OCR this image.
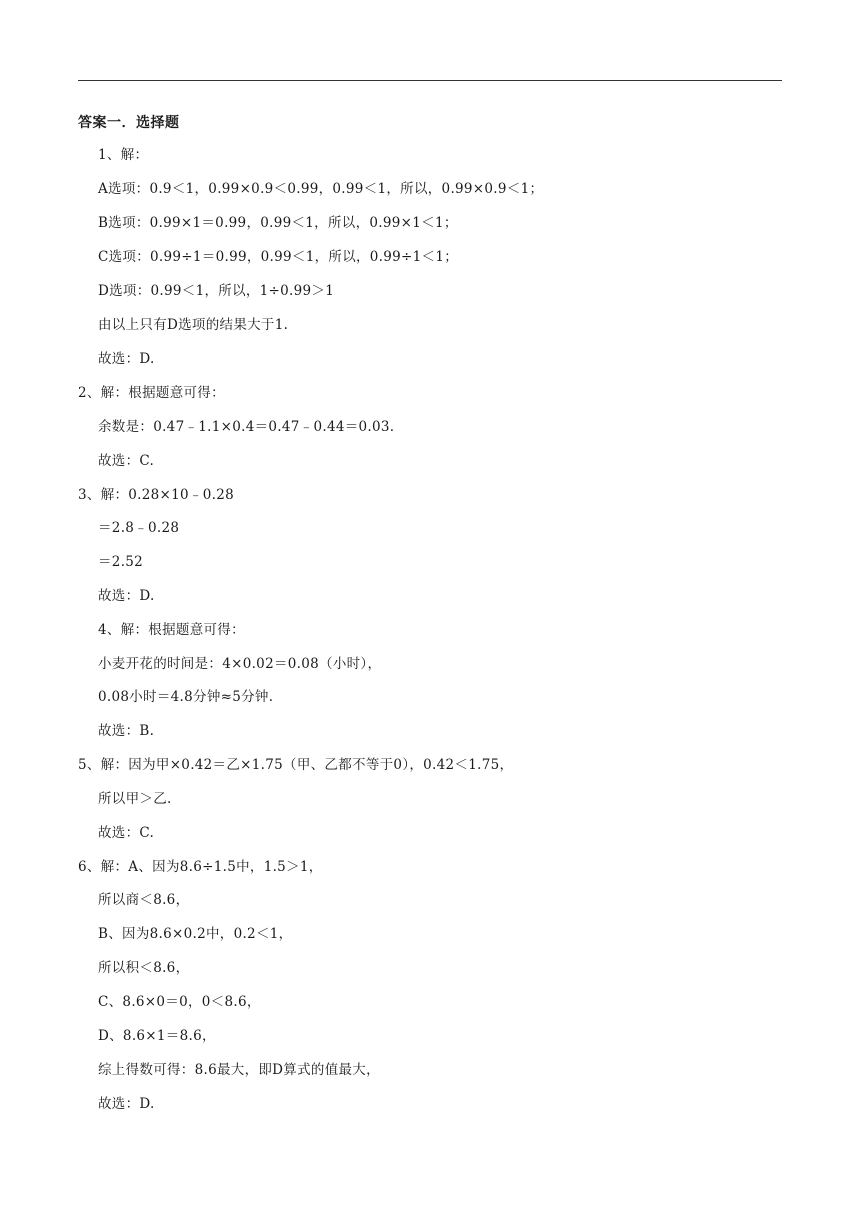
答案一．选择题
1、解：
A选项：0.9＜1，0.99×0.9＜0.99，0.99＜1，所以，0.99×0.9＜1；
B选项：0.99×1＝0.99，0.99＜1，所以，0.99×1＜1；
C选项：0.99÷1＝0.99，0.99＜1，所以，0.99÷1＜1；
D选项：0.99＜1，所以，1÷0.99＞1
由以上只有D选项的结果大于1.
故选：D.
2、解：根据题意可得：
余数是：0.47﹣1.1×0.4＝0.47﹣0.44＝0.03.
故选：C.
3、解：0.28×10﹣0.28
＝2.8﹣0.28
＝2.52
故选：D.
4、解：根据题意可得：
小麦开花的时间是：4×0.02＝0.08（小时），
0.08小时＝4.8分钟≈5分钟.
故选：B.
5、解：因为甲×0.42＝乙×1.75（甲、乙都不等于0），0.42＜1.75，
所以甲＞乙.
故选：C.
6、解：A、因为8.6÷1.5中，1.5＞1，
所以商＜8.6，
B、因为8.6×0.2中，0.2＜1，
所以积＜8.6，
C、8.6×0＝0，0＜8.6，
D、8.6×1＝8.6，
综上得数可得：8.6最大，即D算式的值最大，
故选：D.
